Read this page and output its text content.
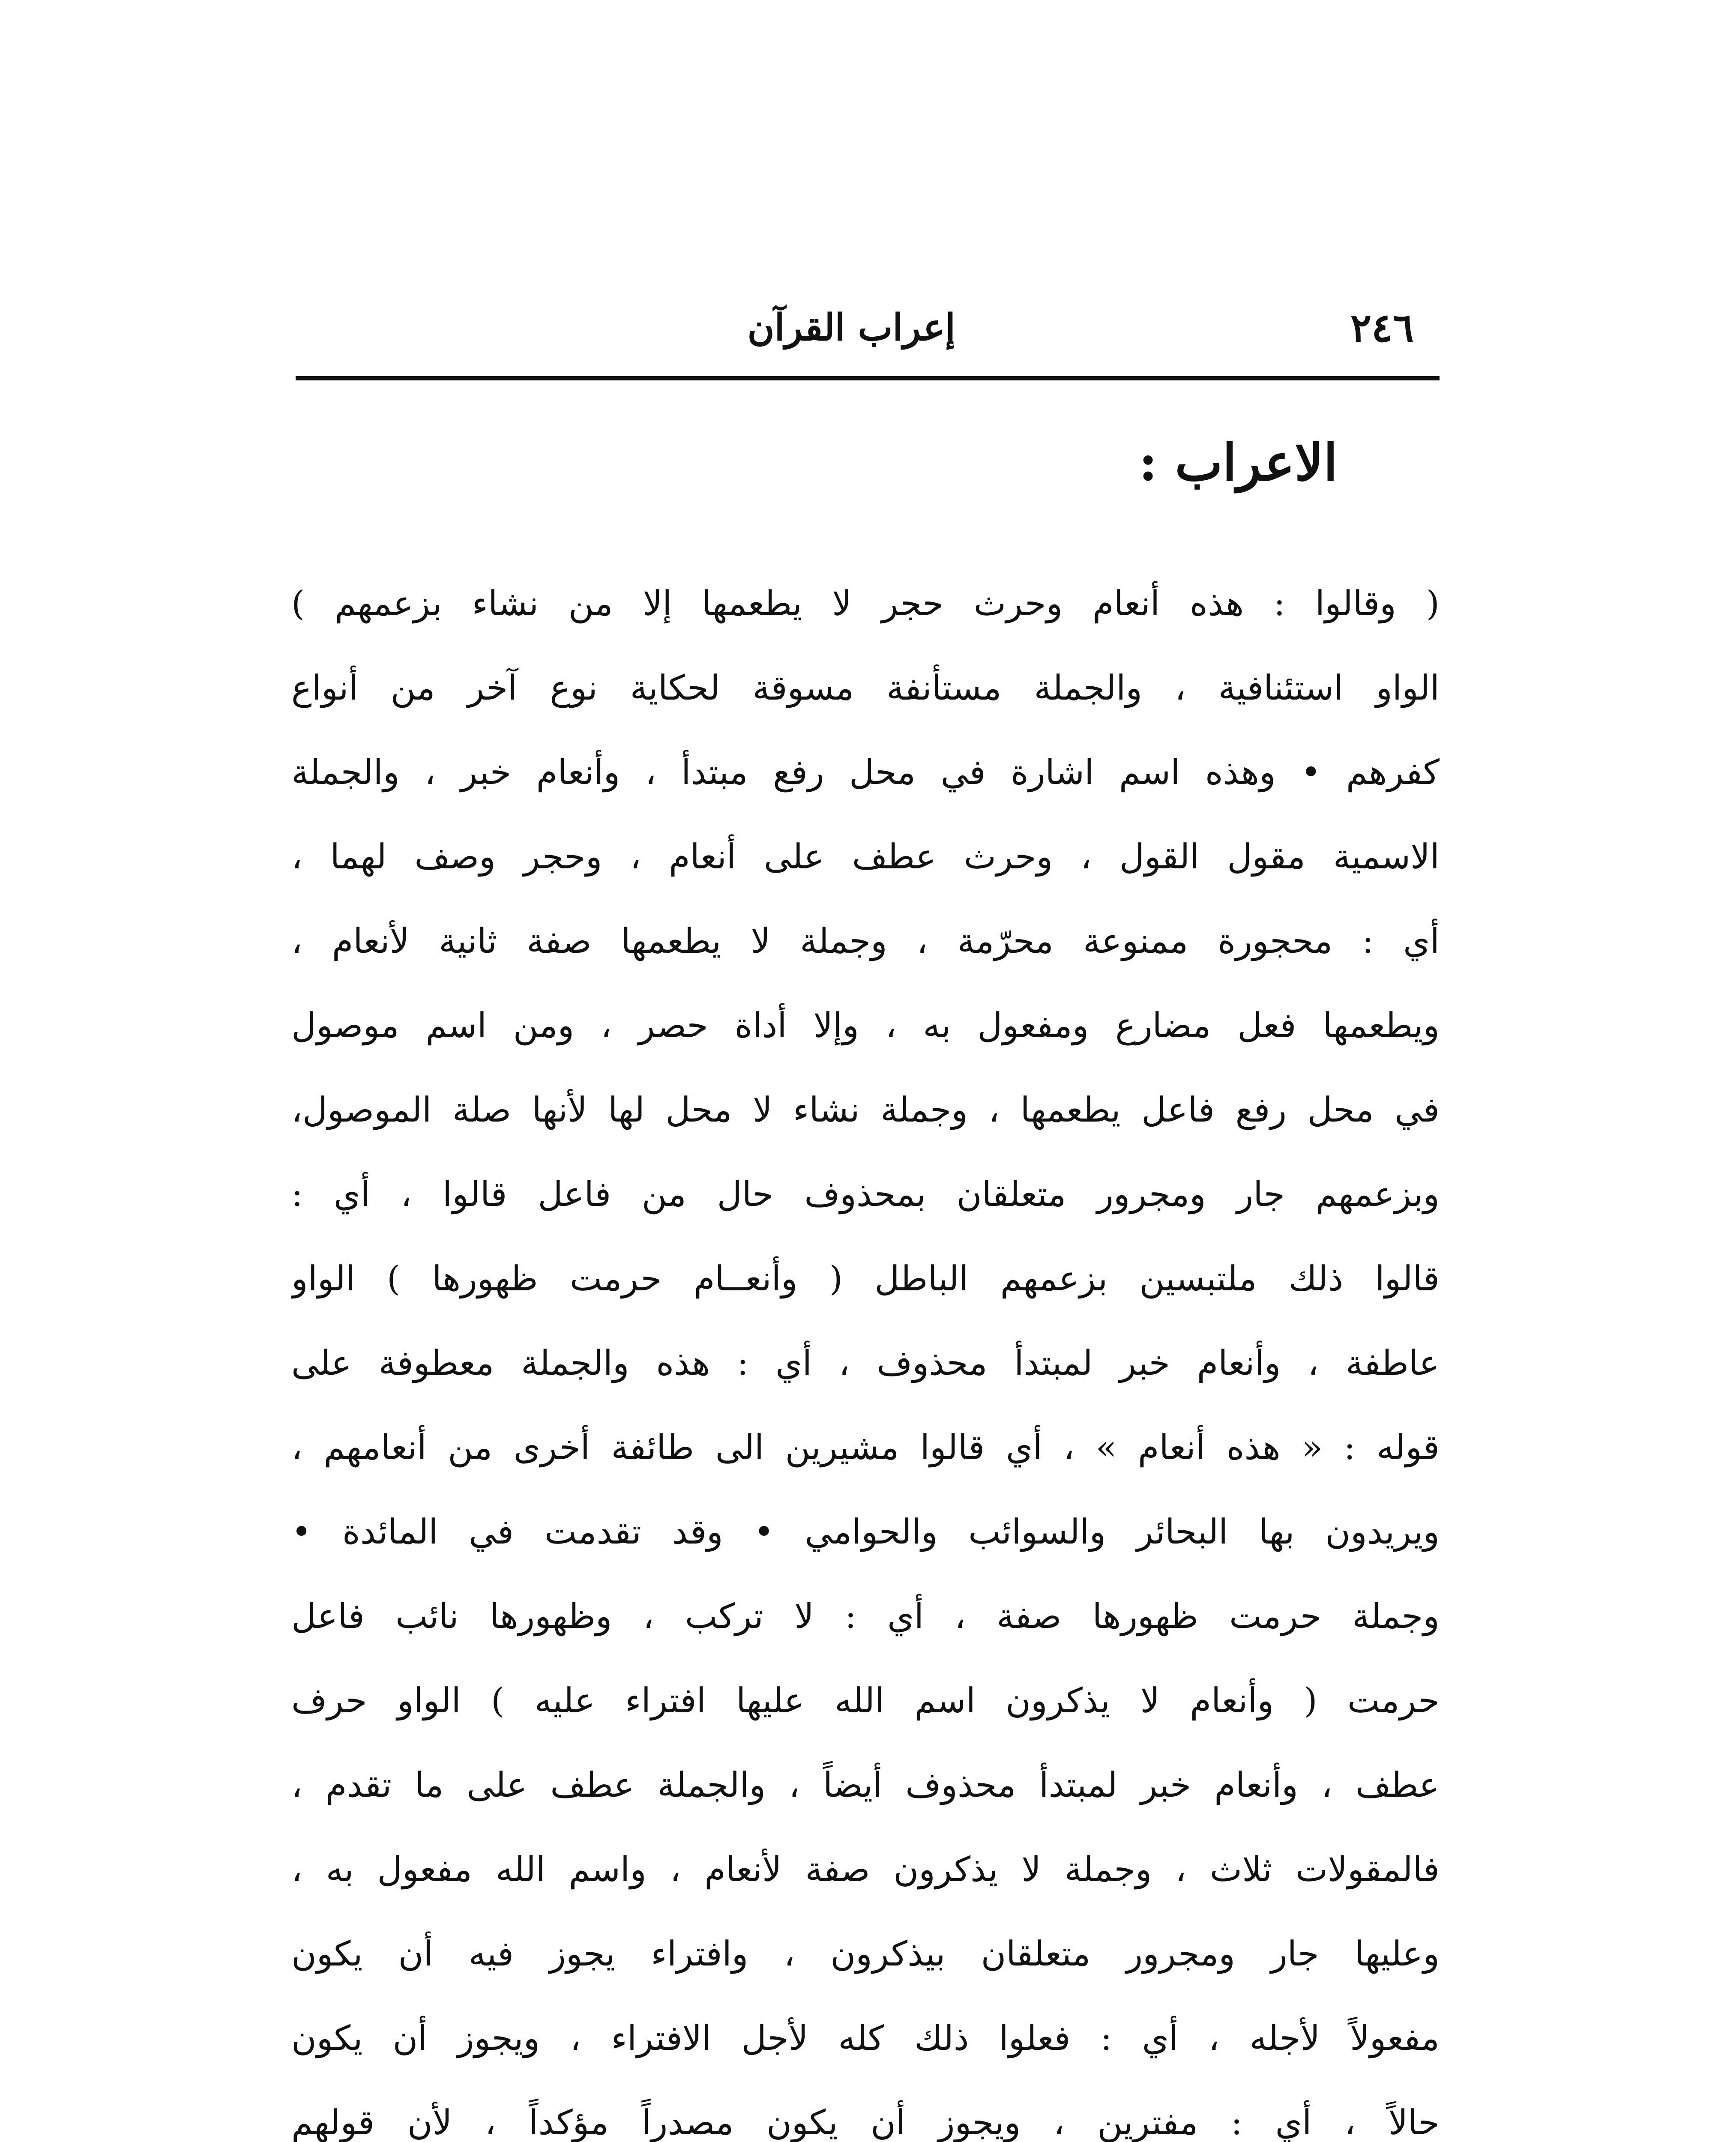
٢٤٦
إعراب القرآن
الاعراب :
( وقالوا : هذه أنعام وحرث حجر لا يطعمها إلا من نشاء بزعمهم )
الواو استئنافية ، والجملة مستأنفة مسوقة لحكاية نوع آخر من أنواع
كفرهم • وهذه اسم اشارة في محل رفع مبتدأ ، وأنعام خبر ، والجملة
الاسمية مقول القول ، وحرث عطف على أنعام ، وحجر وصف لهما ،
أي : محجورة ممنوعة محرّمة ، وجملة لا يطعمها صفة ثانية لأنعام ،
ويطعمها فعل مضارع ومفعول به ، وإلا أداة حصر ، ومن اسم موصول
في محل رفع فاعل يطعمها ، وجملة نشاء لا محل لها لأنها صلة الموصول،
وبزعمهم جار ومجرور متعلقان بمحذوف حال من فاعل قالوا ، أي :
قالوا ذلك ملتبسين بزعمهم الباطل ( وأنعــام حرمت ظهورها ) الواو
عاطفة ، وأنعام خبر لمبتدأ محذوف ، أي : هذه والجملة معطوفة على
قوله : « هذه أنعام » ، أي قالوا مشيرين الى طائفة أخرى من أنعامهم ،
ويريدون بها البحائر والسوائب والحوامي • وقد تقدمت في المائدة •
وجملة حرمت ظهورها صفة ، أي : لا تركب ، وظهورها نائب فاعل
حرمت ( وأنعام لا يذكرون اسم الله عليها افتراء عليه ) الواو حرف
عطف ، وأنعام خبر لمبتدأ محذوف أيضاً ، والجملة عطف على ما تقدم ،
فالمقولات ثلاث ، وجملة لا يذكرون صفة لأنعام ، واسم الله مفعول به ،
وعليها جار ومجرور متعلقان بيذكرون ، وافتراء يجوز فيه أن يكون
مفعولاً لأجله ، أي : فعلوا ذلك كله لأجل الافتراء ، ويجوز أن يكون
حالاً ، أي : مفترين ، ويجوز أن يكون مصدراً مؤكداً ، لأن قولهم
